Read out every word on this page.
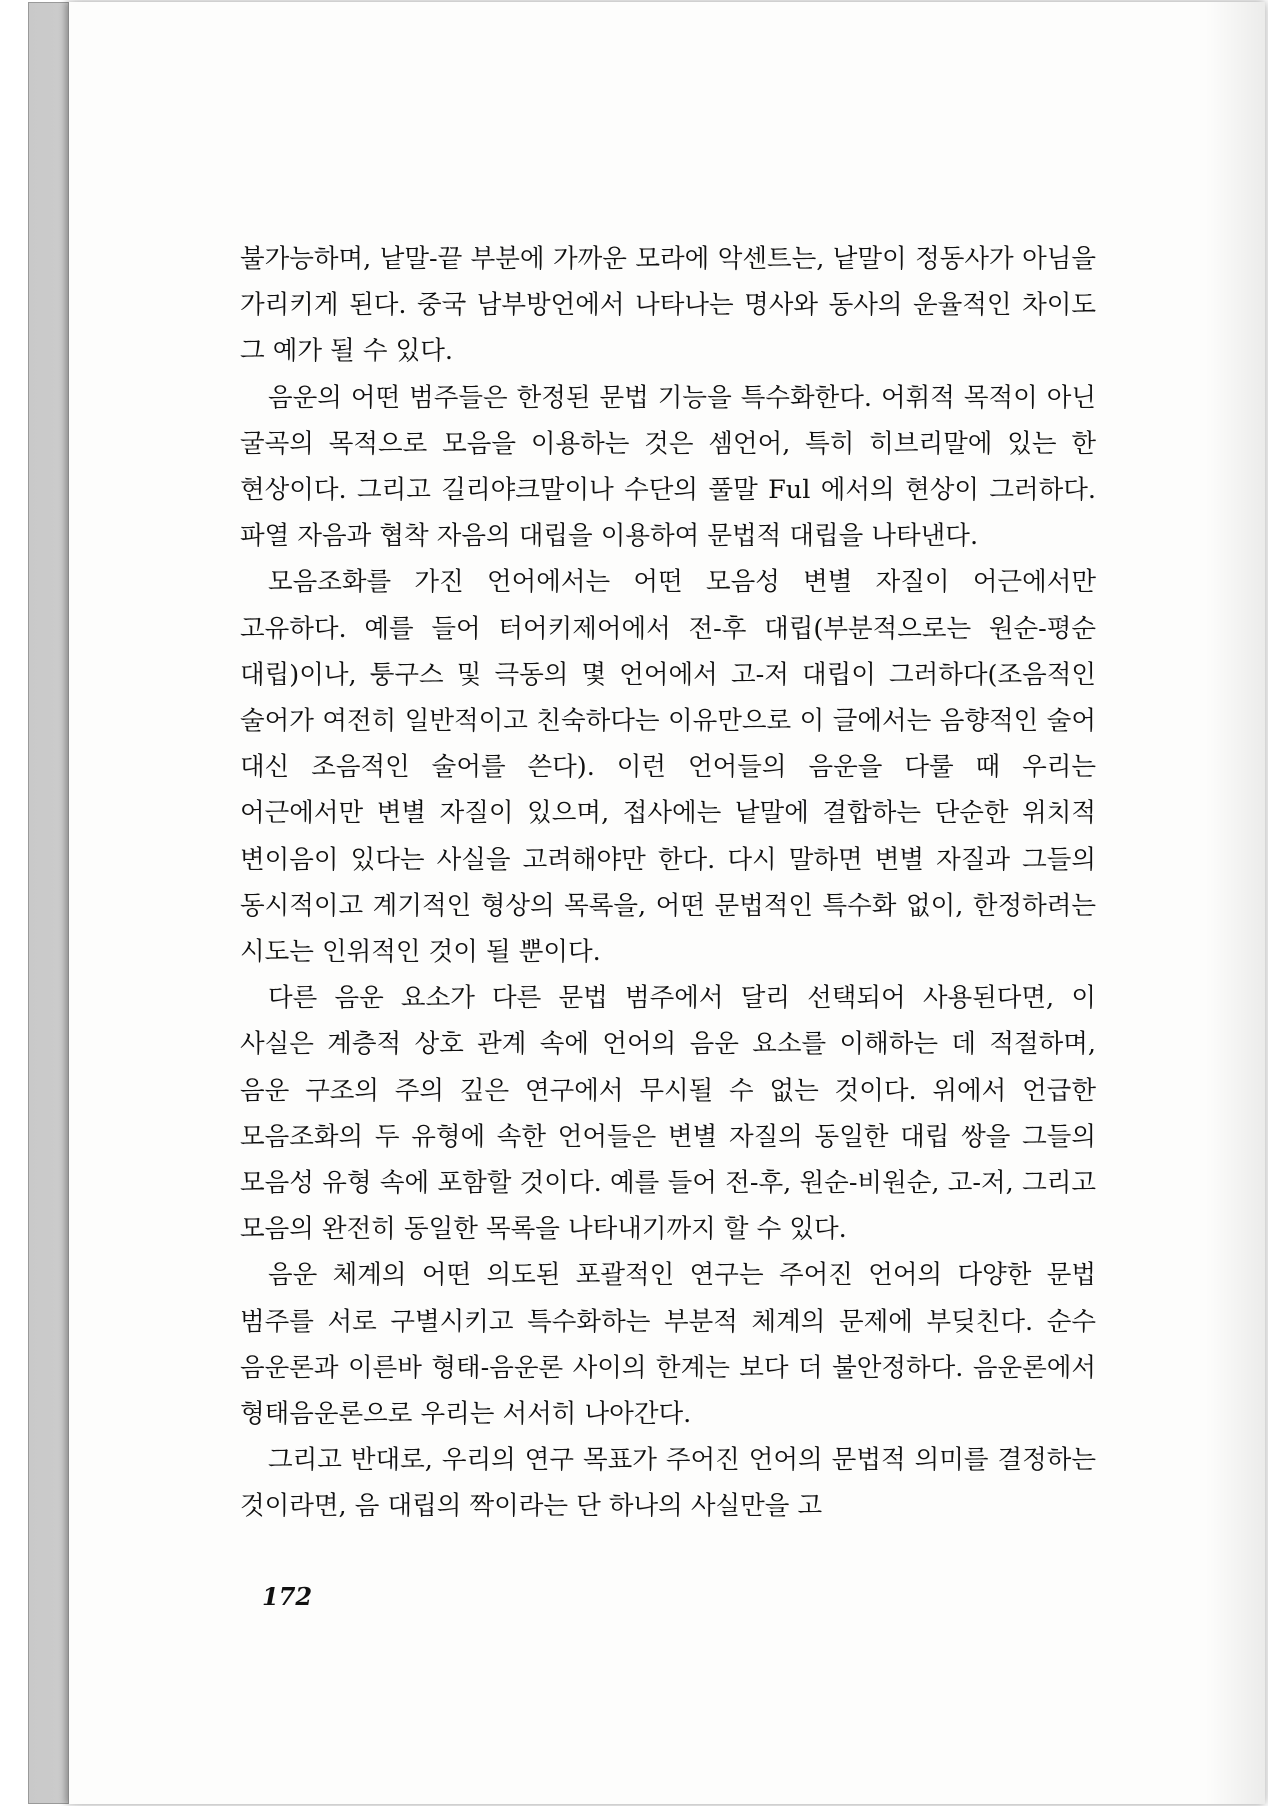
불가능하며, 낱말-끝 부분에 가까운 모라에 악센트는, 낱말이 정동사가 아님을 가리키게 된다. 중국 남부방언에서 나타나는 명사와 동사의 운율적인 차이도 그 예가 될 수 있다.

음운의 어떤 범주들은 한정된 문법 기능을 특수화한다. 어휘적 목적이 아닌 굴곡의 목적으로 모음을 이용하는 것은 셈언어, 특히 히브리말에 있는 한 현상이다. 그리고 길리야크말이나 수단의 풀말 Ful 에서의 현상이 그러하다. 파열 자음과 협착 자음의 대립을 이용하여 문법적 대립을 나타낸다.

모음조화를 가진 언어에서는 어떤 모음성 변별 자질이 어근에서만 고유하다. 예를 들어 터어키제어에서 전-후 대립(부분적으로는 원순-평순 대립)이나, 퉁구스 및 극동의 몇 언어에서 고-저 대립이 그러하다(조음적인 술어가 여전히 일반적이고 친숙하다는 이유만으로 이 글에서는 음향적인 술어 대신 조음적인 술어를 쓴다). 이런 언어들의 음운을 다룰 때 우리는 어근에서만 변별 자질이 있으며, 접사에는 낱말에 결합하는 단순한 위치적 변이음이 있다는 사실을 고려해야만 한다. 다시 말하면 변별 자질과 그들의 동시적이고 계기적인 형상의 목록을, 어떤 문법적인 특수화 없이, 한정하려는 시도는 인위적인 것이 될 뿐이다.

다른 음운 요소가 다른 문법 범주에서 달리 선택되어 사용된다면, 이 사실은 계층적 상호 관계 속에 언어의 음운 요소를 이해하는 데 적절하며, 음운 구조의 주의 깊은 연구에서 무시될 수 없는 것이다. 위에서 언급한 모음조화의 두 유형에 속한 언어들은 변별 자질의 동일한 대립 쌍을 그들의 모음성 유형 속에 포함할 것이다. 예를 들어 전-후, 원순-비원순, 고-저, 그리고 모음의 완전히 동일한 목록을 나타내기까지 할 수 있다.

음운 체계의 어떤 의도된 포괄적인 연구는 주어진 언어의 다양한 문법 범주를 서로 구별시키고 특수화하는 부분적 체계의 문제에 부딪친다. 순수 음운론과 이른바 형태-음운론 사이의 한계는 보다 더 불안정하다. 음운론에서 형태음운론으로 우리는 서서히 나아간다.

그리고 반대로, 우리의 연구 목표가 주어진 언어의 문법적 의미를 결정하는 것이라면, 음 대립의 짝이라는 단 하나의 사실만을 고

172
